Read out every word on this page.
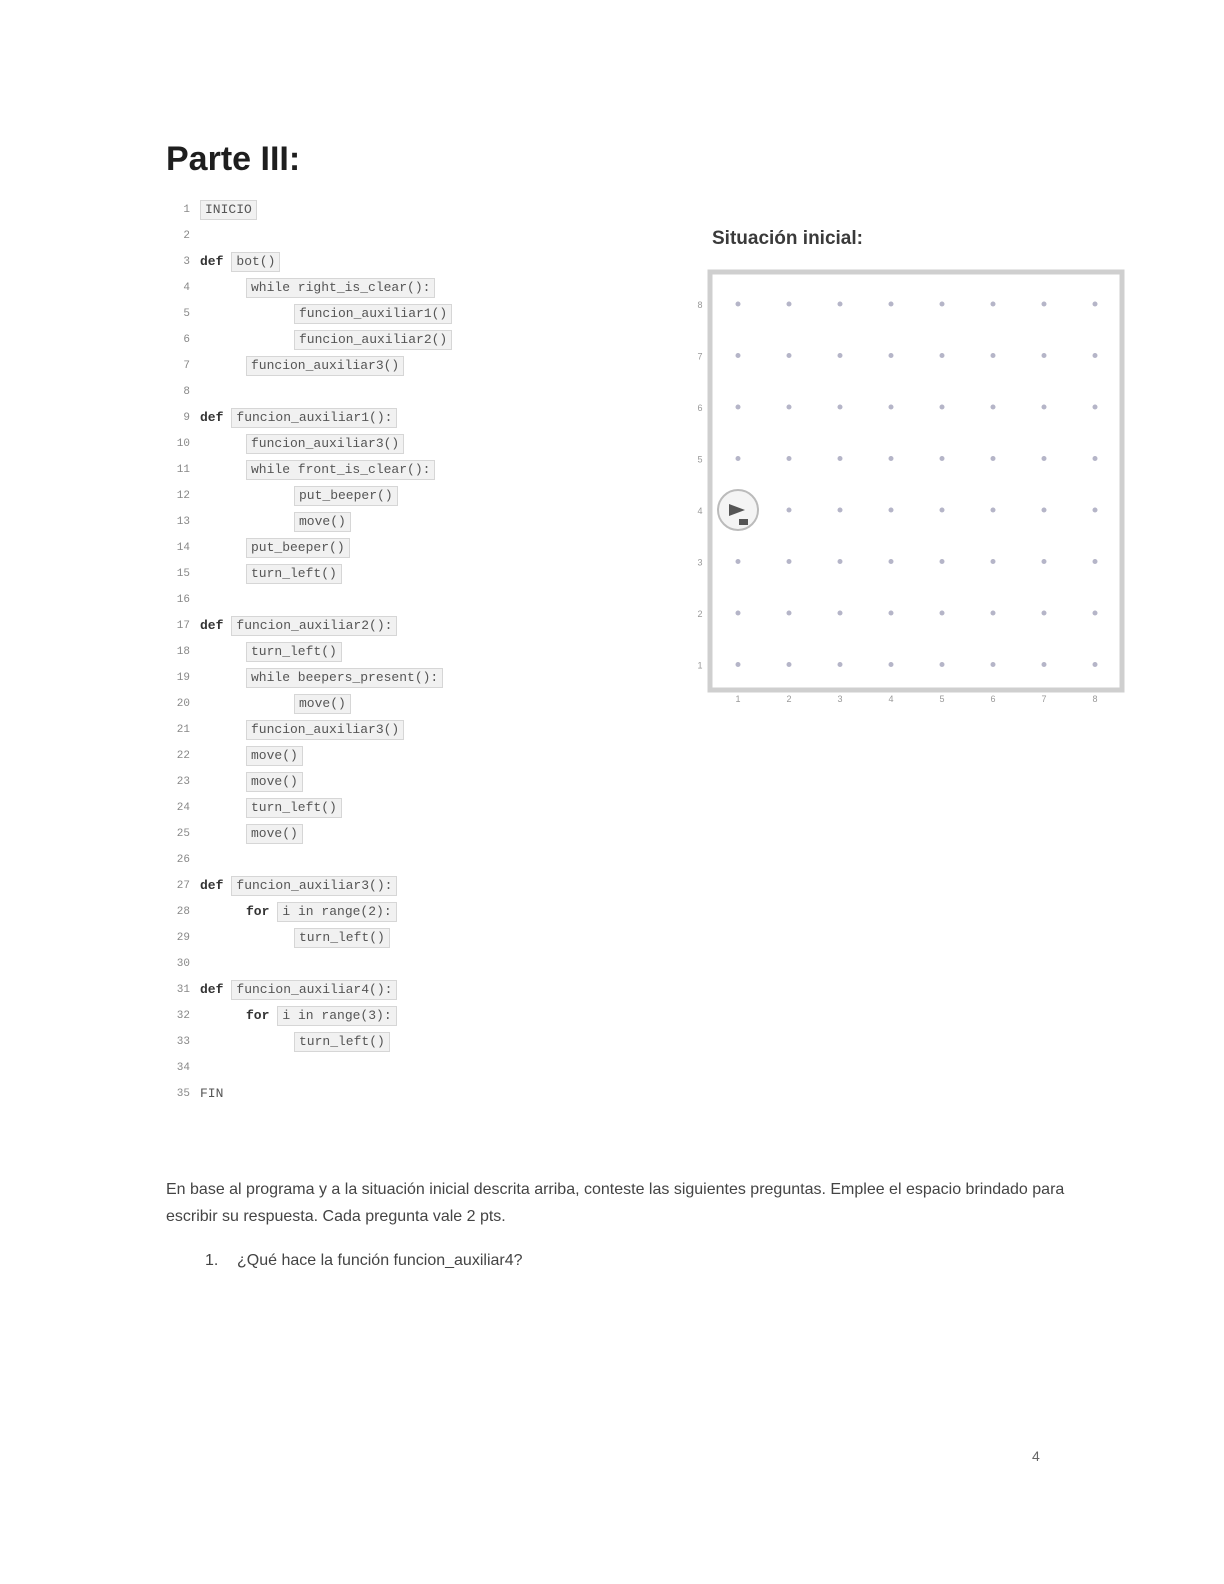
Parte III:
1	INICIO
2
3 def	bot()
4	while right_is_clear():
5	funcion_auxiliar1()
6	funcion_auxiliar2()
7	funcion_auxiliar3()
8
9 def	funcion_auxiliar1():
10	funcion_auxiliar3()
11	while front_is_clear():
12	put_beeper()
13	move()
14	put_beeper()
15	turn_left()
16
17 def	funcion_auxiliar2():
18	turn_left()
19	while beepers_present():
20	move()
21	funcion_auxiliar3()
22	move()
23	move()
24	turn_left()
25	move()
26
27 def	funcion_auxiliar3():
28	for	i in range(2):
29	turn_left()
30
31 def	funcion_auxiliar4():
32	for	i in range(3):
33	turn_left()
34
35 FIN
Situación inicial:
8
7
6
5
4
3
2
1
1	2	3	4	5	6	7	8

En base al programa y a la situación inicial descrita arriba, conteste las siguientes preguntas. Emplee el espacio brindado para escribir su respuesta. Cada pregunta vale 2 pts.

1. ¿Qué hace la función funcion_auxiliar4?
4
